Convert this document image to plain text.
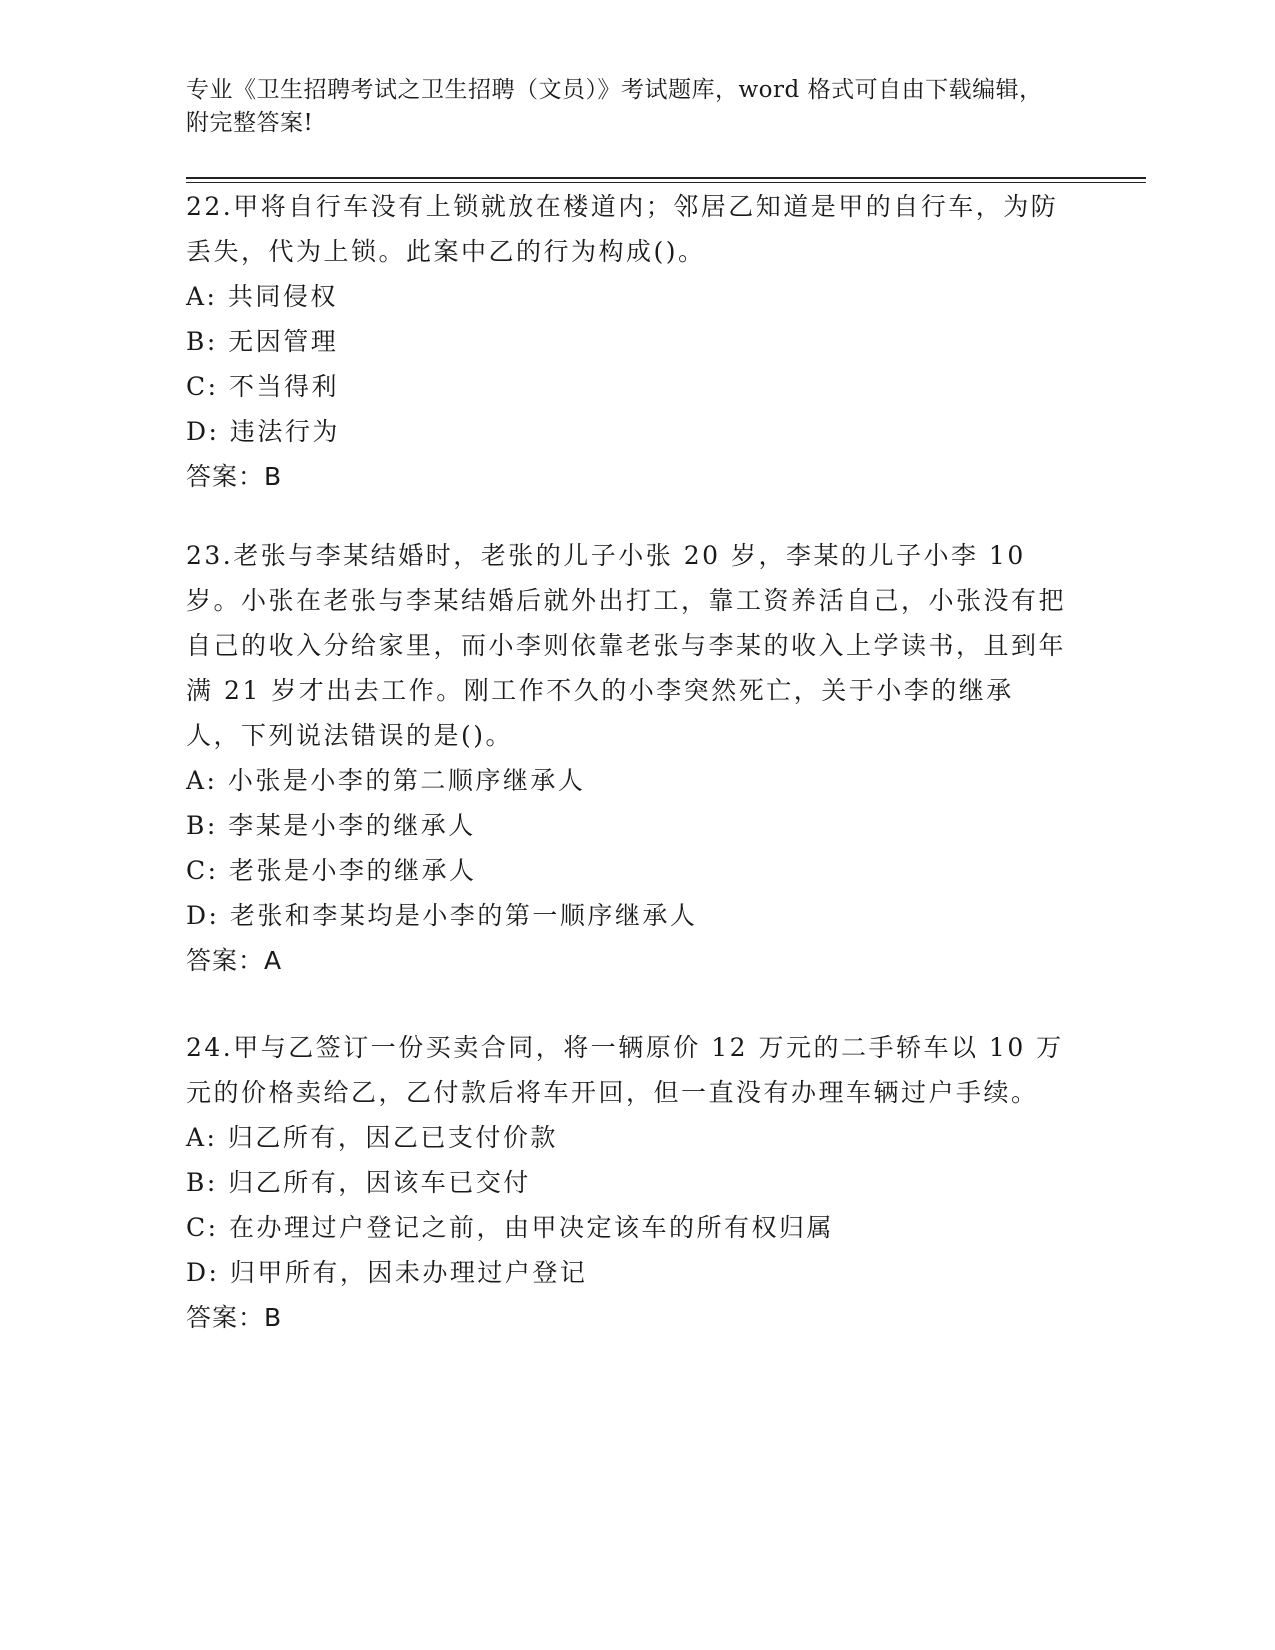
专业《卫生招聘考试之卫生招聘（文员）》考试题库，word 格式可自由下载编辑，附完整答案!
22.甲将自行车没有上锁就放在楼道内；邻居乙知道是甲的自行车，为防丢失，代为上锁。此案中乙的行为构成()。
A: 共同侵权
B: 无因管理
C: 不当得利
D: 违法行为
答案：B
23.老张与李某结婚时，老张的儿子小张 20 岁，李某的儿子小李 10 岁。小张在老张与李某结婚后就外出打工，靠工资养活自己，小张没有把自己的收入分给家里，而小李则依靠老张与李某的收入上学读书，且到年满 21 岁才出去工作。刚工作不久的小李突然死亡，关于小李的继承人，下列说法错误的是()。
A: 小张是小李的第二顺序继承人
B: 李某是小李的继承人
C: 老张是小李的继承人
D: 老张和李某均是小李的第一顺序继承人
答案：A
24.甲与乙签订一份买卖合同，将一辆原价 12 万元的二手轿车以 10 万元的价格卖给乙，乙付款后将车开回，但一直没有办理车辆过户手续。
A: 归乙所有，因乙已支付价款
B: 归乙所有，因该车已交付
C: 在办理过户登记之前，由甲决定该车的所有权归属
D: 归甲所有，因未办理过户登记
答案：B
